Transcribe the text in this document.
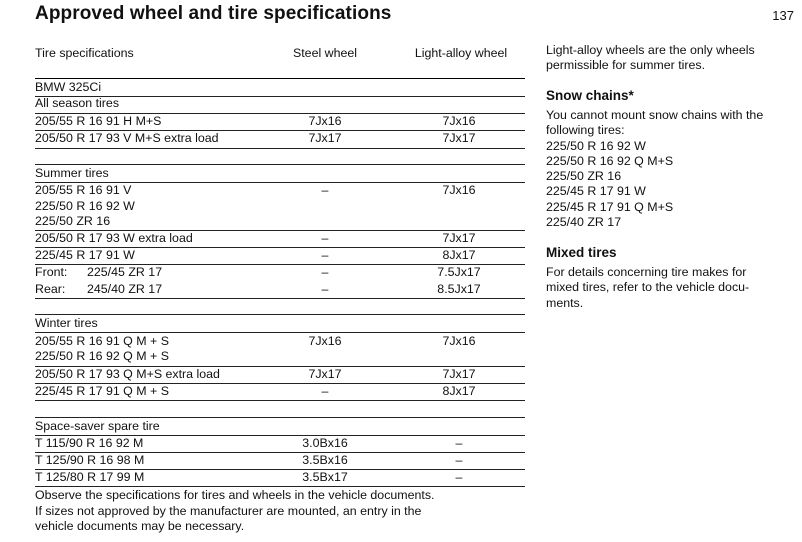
Approved wheel and tire specifications	137
Tire specifications	Steel wheel	Light-alloy wheel
BMW 325Ci
All season tires
205/55 R 16 91 H M+S	7Jx16	7Jx16
205/50 R 17 93 V M+S extra load	7Jx17	7Jx17
Summer tires
205/55 R 16 91 V	–	7Jx16
225/50 R 16 92 W
225/50 ZR 16
205/50 R 17 93 W extra load	–	7Jx17
225/45 R 17 91 W	–	8Jx17
Front: 225/45 ZR 17	–	7.5Jx17
Rear: 245/40 ZR 17	–	8.5Jx17
Winter tires
205/55 R 16 91 Q M + S	7Jx16	7Jx16
225/50 R 16 92 Q M + S
205/50 R 17 93 Q M+S extra load	7Jx17	7Jx17
225/45 R 17 91 Q M + S	–	8Jx17
Space-saver spare tire
T 115/90 R 16 92 M	3.0Bx16	–
T 125/90 R 16 98 M	3.5Bx16	–
T 125/80 R 17 99 M	3.5Bx17	–
Observe the specifications for tires and wheels in the vehicle documents.
If sizes not approved by the manufacturer are mounted, an entry in the
vehicle documents may be necessary.

Light-alloy wheels are the only wheels

permissible for summer tires.

Snow chains*

You cannot mount snow chains with the

following tires:

225/50 R 16 92 W

225/50 R 16 92 Q M+S

225/50 ZR 16

225/45 R 17 91 W

225/45 R 17 91 Q M+S

225/40 ZR 17

Mixed tires

For details concerning tire makes for

mixed tires, refer to the vehicle docu-

ments.
